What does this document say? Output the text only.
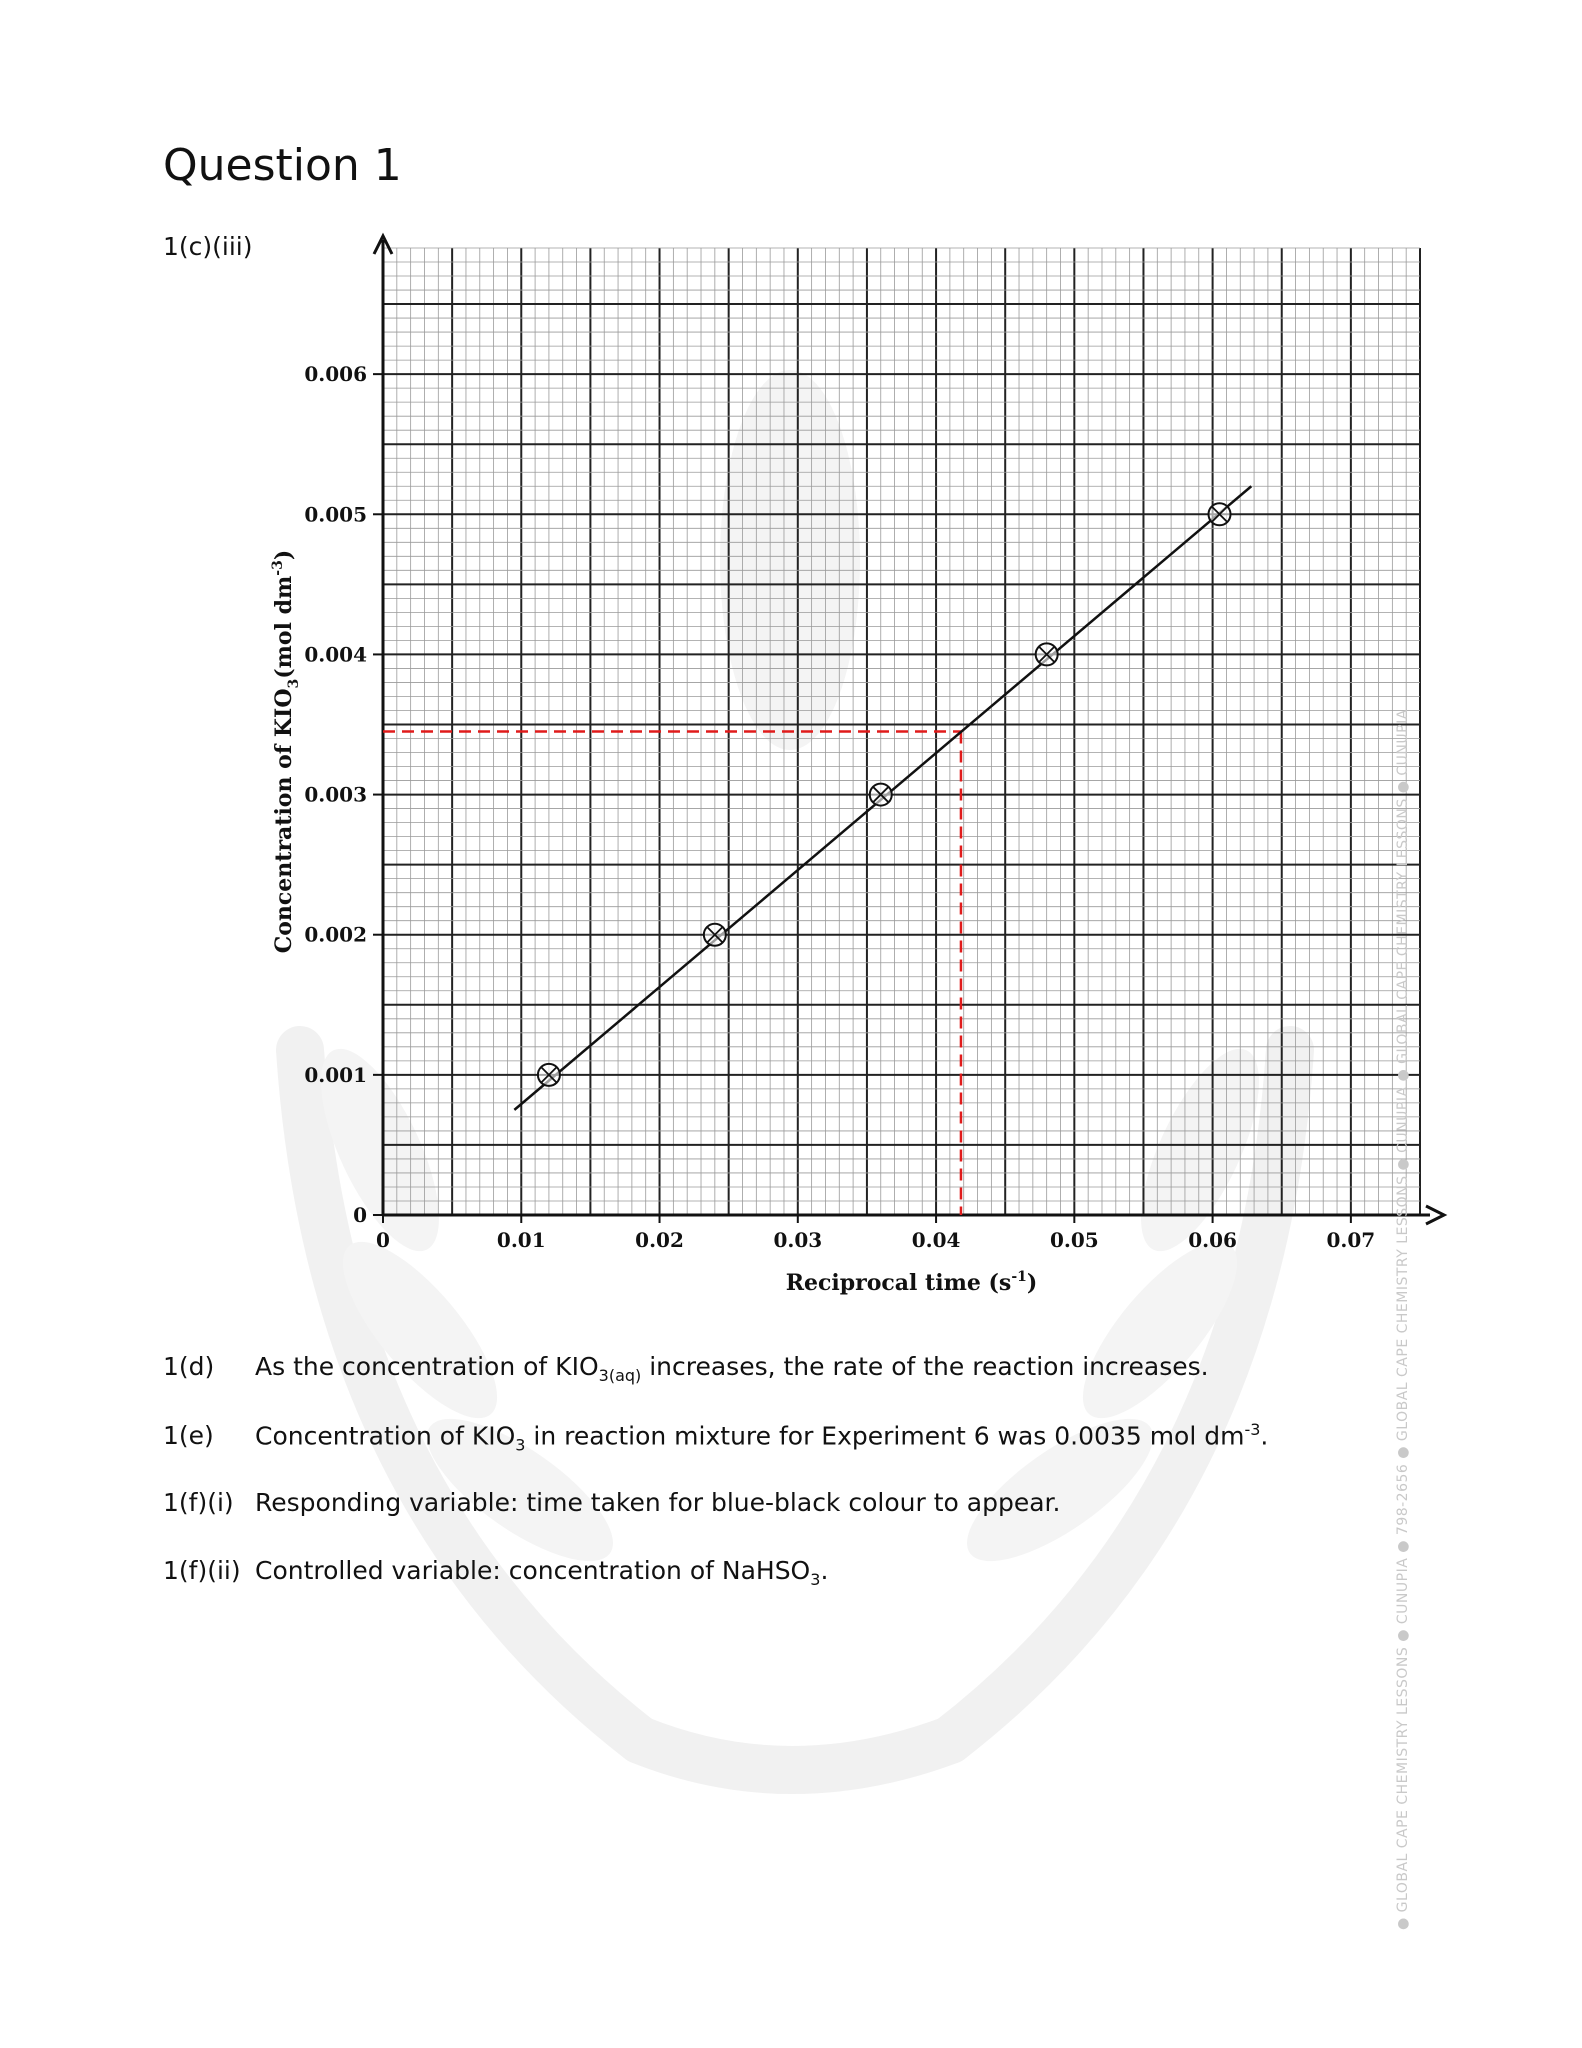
Question 1
1(c)(iii)
0	0.01	0.02	0.03	0.04	0.05	0.06	0.07
0
0.001
0.002
0.003
0.004
0.005
0.006
Reciprocal time $(s^{-1})$
Concentration of $KIO_3(mol$ $dm^{-3}$)
1(d) As the concentration of $KIO_{3(aq)}$ increases, the rate of the reaction increases.
1(e) Concentration of $KIO_3$ in reaction mixture for Experiment 6 was 0.0035 mol $dm^{-3}$.
1(f)(i) Responding variable: time taken for blue-black colour to appear.
1(f)(ii) Controlled variable: concentration of NaHSO$_3$.	● GLOBAL CAPE CHEMISTRY LESSONS ● CUNUPIA ● 798-2656 ● GLOBAL CAPE CHEMISTRY LESSONS ● CUNUPIA ● GLOBAL CAPE CHEMISTRY LESSONS ● CUNUPIA
